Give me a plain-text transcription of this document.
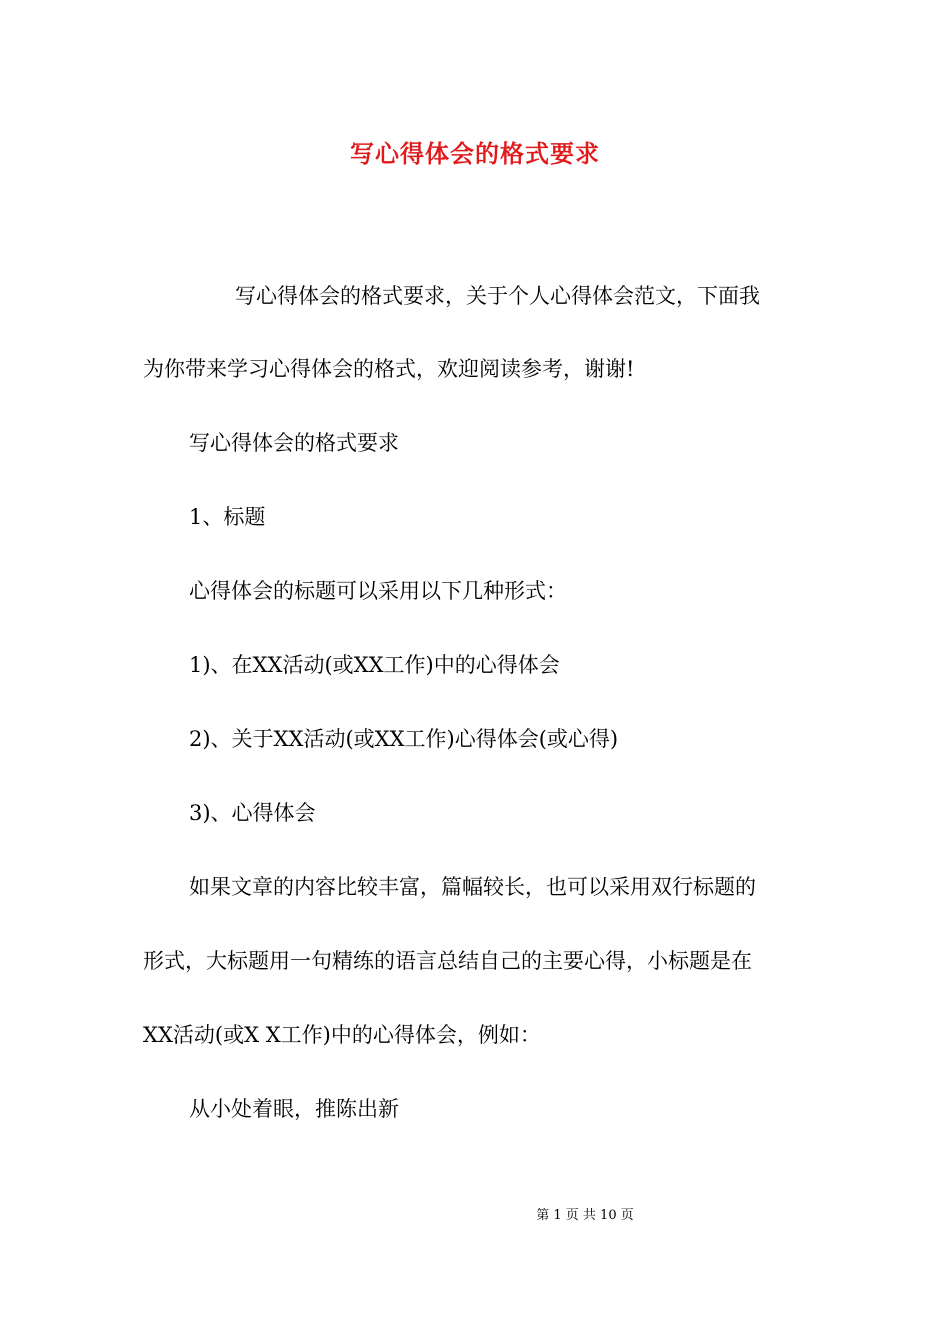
写心得体会的格式要求
写心得体会的格式要求，关于个人心得体会范文，下面我
为你带来学习心得体会的格式，欢迎阅读参考，谢谢!
写心得体会的格式要求
1、标题
心得体会的标题可以采用以下几种形式：
1)、在XX活动(或XX工作)中的心得体会
2)、关于XX活动(或XX工作)心得体会(或心得)
3)、心得体会
如果文章的内容比较丰富，篇幅较长，也可以采用双行标题的
形式，大标题用一句精练的语言总结自己的主要心得，小标题是在
XX活动(或X X工作)中的心得体会，例如：
从小处着眼，推陈出新
第 1 页 共 10 页
